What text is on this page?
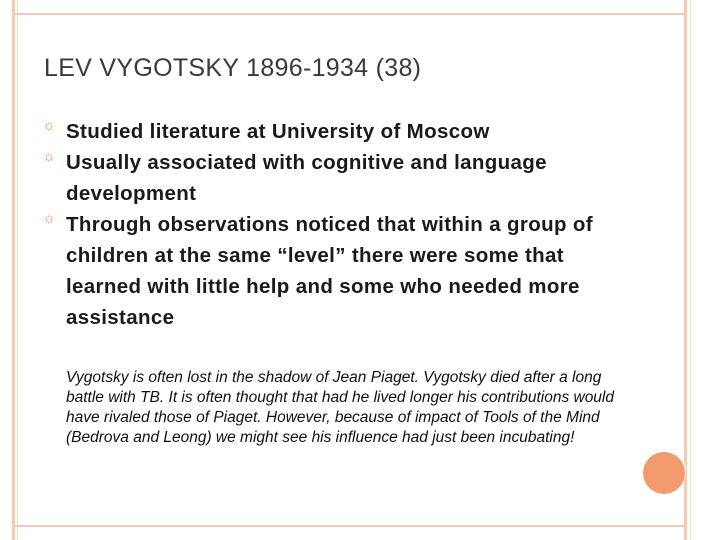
LEV VYGOTSKY 1896-1934 (38)
☼ Studied literature at University of Moscow
☼ Usually associated with cognitive and language development
☼ Through observations noticed that within a group of children at the same “level” there were some that learned with little help and some who needed more assistance

Vygotsky is often lost in the shadow of Jean Piaget. Vygotsky died after a long battle with TB. It is often thought that had he lived longer his contributions would have rivaled those of Piaget. However, because of impact of Tools of the Mind (Bedrova and Leong) we might see his influence had just been incubating!
